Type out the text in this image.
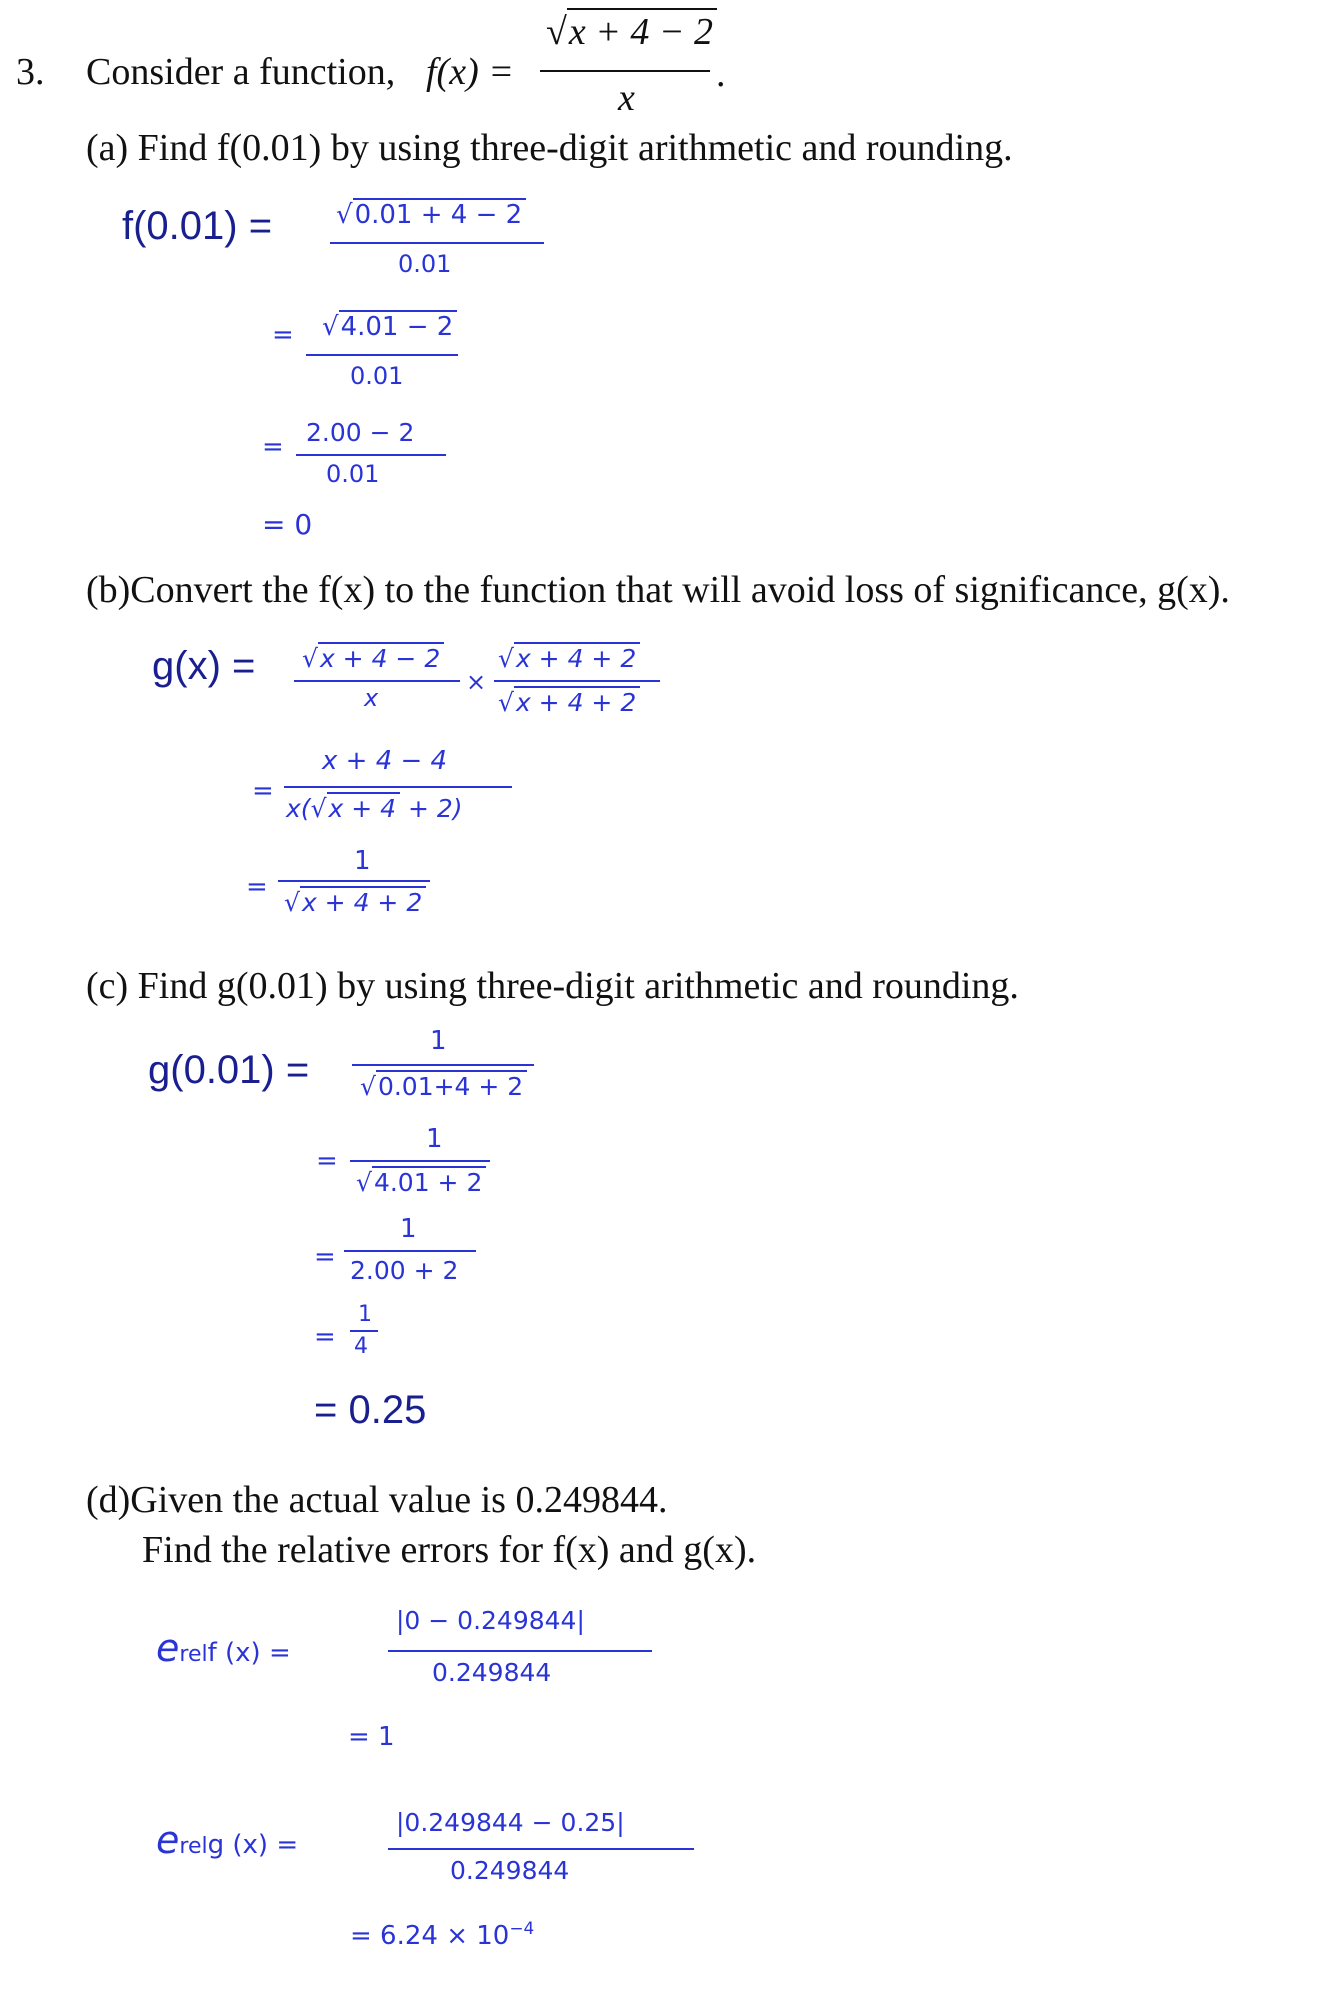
3. Consider a function, f(x) =
√x + 4 − 2
x
.
(a) Find f(0.01) by using three-digit arithmetic and rounding.
f(0.01) = √0.01 + 4 − 2
0.01
= √4.01 − 2
0.01
= 2.00 − 2
0.01
= 0
(b)Convert the f(x) to the function that will avoid loss of significance, g(x).
g(x) = √x + 4 − 2
x
×
√x + 4 + 2
√x + 4 + 2
=
x + 4 − 4
x(√x + 4 + 2)
=
1
√x + 4 + 2
(c) Find g(0.01) by using three-digit arithmetic and rounding.
g(0.01) =
1
√0.01+4 + 2
=
1
√4.01 + 2
=
1
2.00 + 2
=
1
4
= 0.25
(d)Given the actual value is 0.249844.
Find the relative errors for f(x) and g(x).
erelf (x) =
|0 − 0.249844|
0.249844
= 1
erelg (x) =
|0.249844 − 0.25|
0.249844
= $6.24 \times 10^{-4}$
